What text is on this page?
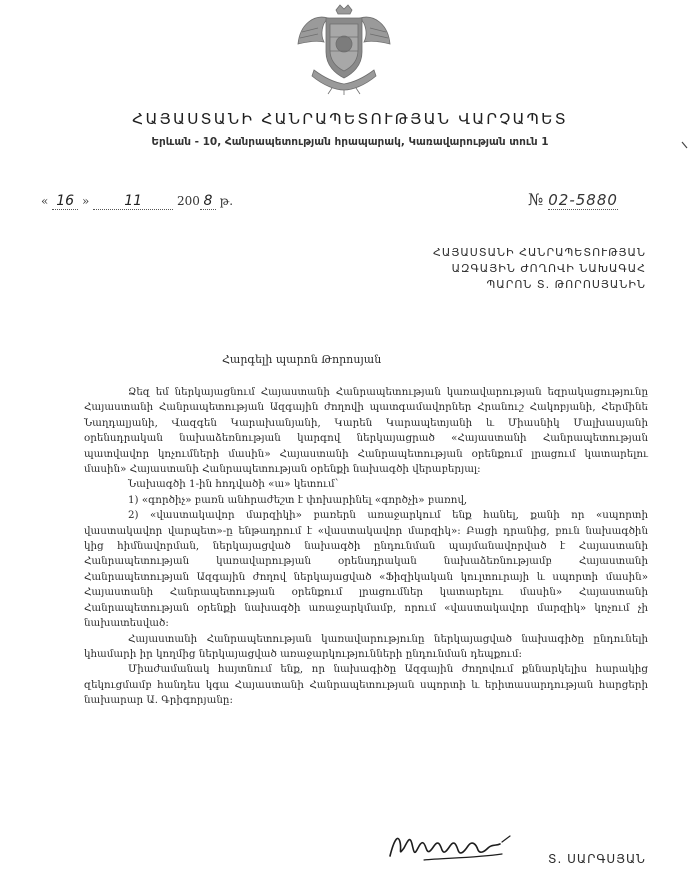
ՀԱՅԱՍՏԱՆԻ ՀԱՆՐԱՊԵՏՈՒԹՅԱՆ ՎԱՐՉԱՊԵՏ
Երևան - 10, Հանրապետության հրապարակ, Կառավարության տուն 1
« 16 » 11	200 8 թ.	№ 02-5880
ՀԱՅԱՍՏԱՆԻ ՀԱՆՐԱՊԵՏՈՒԹՅԱՆ
ԱԶԳԱՅԻՆ ԺՈՂՈՎԻ ՆԱԽԱԳԱՀ
ՊԱՐՈՆ Տ. ԹՈՐՈՍՅԱՆԻՆ
Հարգելի պարոն Թորոսյան

Ձեզ եմ ներկայացնում Հայաստանի Հանրապետության կառավարության եզրակացությունը Հայաստանի Հանրապետության Ազգային ժողովի պատգամավորներ Հրանուշ Հակոբյանի, Հերմինե Նաղդալյանի, Վազգեն Կարախանյանի, Կարեն Կարապետյանի և Միասնիկ Մալխասյանի օրենսդրական նախաձեռնության կարգով ներկայացրած «Հայաստանի Հանրապետության պատվավոր կոչումների մասին» Հայաստանի Հանրապետության օրենքում լրացում կատարելու մասին» Հայաստանի Հանրապետության օրենքի նախագծի վերաբերյալ:

Նախագծի 1-ին հոդվածի «ա» կետում՝

1) «գործիչ» բառն անհրաժեշտ է փոխարինել «գործչի» բառով,

2) «վաստակավոր մարզիկի» բառերն առաջարկում ենք հանել, քանի որ «սպորտի վաստակավոր վարպետ»-ը ենթադրում է «վաստակավոր մարզիկ»: Բացի դրանից, բուն նախագծին կից հիմնավորման, ներկայացված նախագծի ընդունման պայմանավորված է Հայաստանի Հանրապետության կառավարության օրենսդրական նախաձեռնությամբ Հայաստանի Հանրապետության Ազգային ժողով ներկայացված «Ֆիզիկական կուլտուրայի և սպորտի մասին» Հայաստանի Հանրապետության օրենքում լրացումներ կատարելու մասին» Հայաստանի Հանրապետության օրենքի նախագծի առաջարկմամբ, որում «վաստակավոր մարզիկ» կոչում չի նախատեսված:

Հայաստանի Հանրապետության կառավարությունը ներկայացված նախագիծը ընդունելի կհամարի իր կողմից ներկայացված առաջարկությունների ընդունման դեպքում:

Միաժամանակ հայտնում ենք, որ նախագիծը Ազգային ժողովում քննարկելիս հարակից զեկուցմամբ հանդես կգա Հայաստանի Հանրապետության սպորտի և երիտասարդության հարցերի նախարար Ա. Գրիգորյանը:

Տ. ՍԱՐԳՍՅԱՆ
